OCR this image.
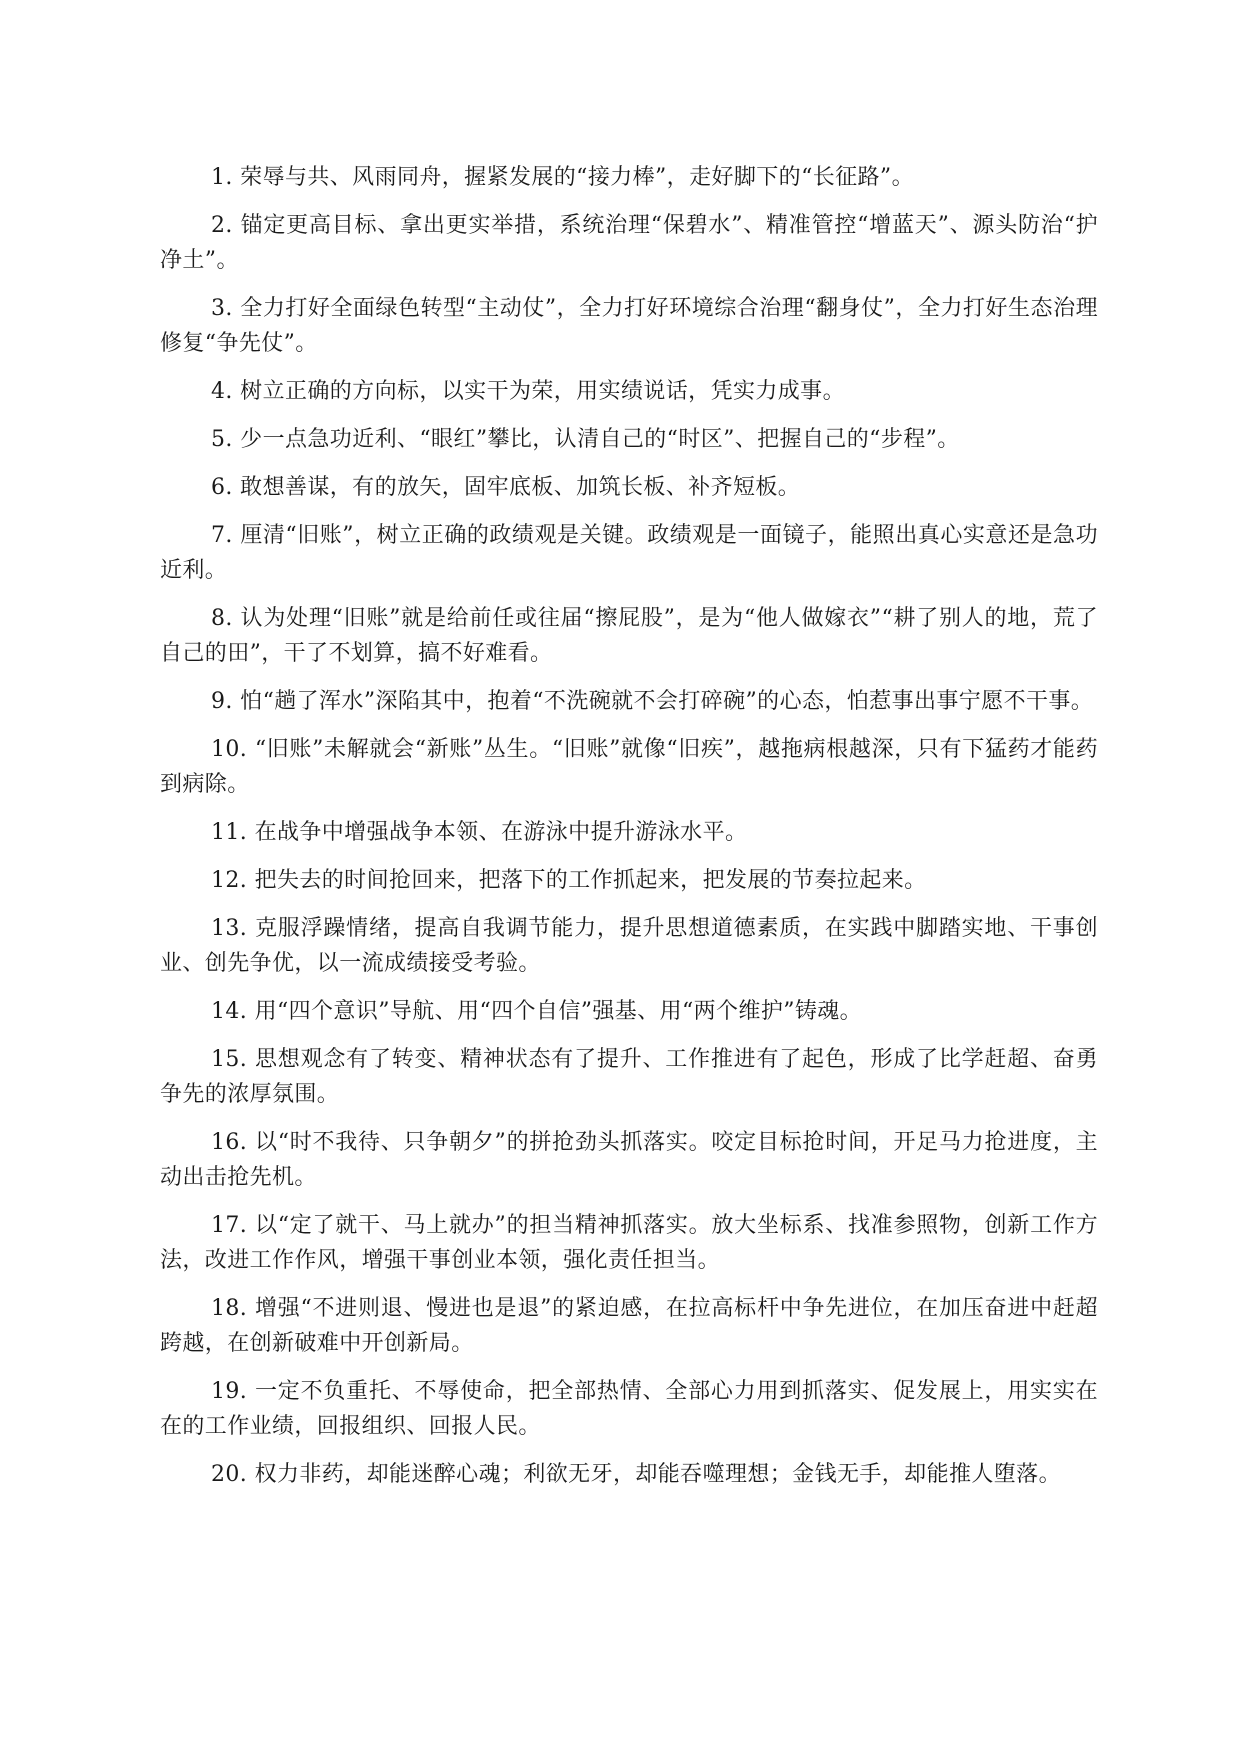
1. 荣辱与共、风雨同舟，握紧发展的“接力棒”，走好脚下的“长征路”。

2. 锚定更高目标、拿出更实举措，系统治理“保碧水”、精准管控“增蓝天”、源头防治“护净土”。

3. 全力打好全面绿色转型“主动仗”，全力打好环境综合治理“翻身仗”，全力打好生态治理修复“争先仗”。

4. 树立正确的方向标，以实干为荣，用实绩说话，凭实力成事。

5. 少一点急功近利、“眼红”攀比，认清自己的“时区”、把握自己的“步程”。

6. 敢想善谋，有的放矢，固牢底板、加筑长板、补齐短板。

7. 厘清“旧账”，树立正确的政绩观是关键。政绩观是一面镜子，能照出真心实意还是急功近利。

8. 认为处理“旧账”就是给前任或往届“擦屁股”，是为“他人做嫁衣”“耕了别人的地，荒了自己的田”，干了不划算，搞不好难看。

9. 怕“趟了浑水”深陷其中，抱着“不洗碗就不会打碎碗”的心态，怕惹事出事宁愿不干事。

10. “旧账”未解就会“新账”丛生。“旧账”就像“旧疾”，越拖病根越深，只有下猛药才能药到病除。

11. 在战争中增强战争本领、在游泳中提升游泳水平。

12. 把失去的时间抢回来，把落下的工作抓起来，把发展的节奏拉起来。

13. 克服浮躁情绪，提高自我调节能力，提升思想道德素质，在实践中脚踏实地、干事创业、创先争优，以一流成绩接受考验。

14. 用“四个意识”导航、用“四个自信”强基、用“两个维护”铸魂。

15. 思想观念有了转变、精神状态有了提升、工作推进有了起色，形成了比学赶超、奋勇争先的浓厚氛围。

16. 以“时不我待、只争朝夕”的拼抢劲头抓落实。咬定目标抢时间，开足马力抢进度，主动出击抢先机。

17. 以“定了就干、马上就办”的担当精神抓落实。放大坐标系、找准参照物，创新工作方法，改进工作作风，增强干事创业本领，强化责任担当。

18. 增强“不进则退、慢进也是退”的紧迫感，在拉高标杆中争先进位，在加压奋进中赶超跨越，在创新破难中开创新局。

19. 一定不负重托、不辱使命，把全部热情、全部心力用到抓落实、促发展上，用实实在在的工作业绩，回报组织、回报人民。

20. 权力非药，却能迷醉心魂；利欲无牙，却能吞噬理想；金钱无手，却能推人堕落。
